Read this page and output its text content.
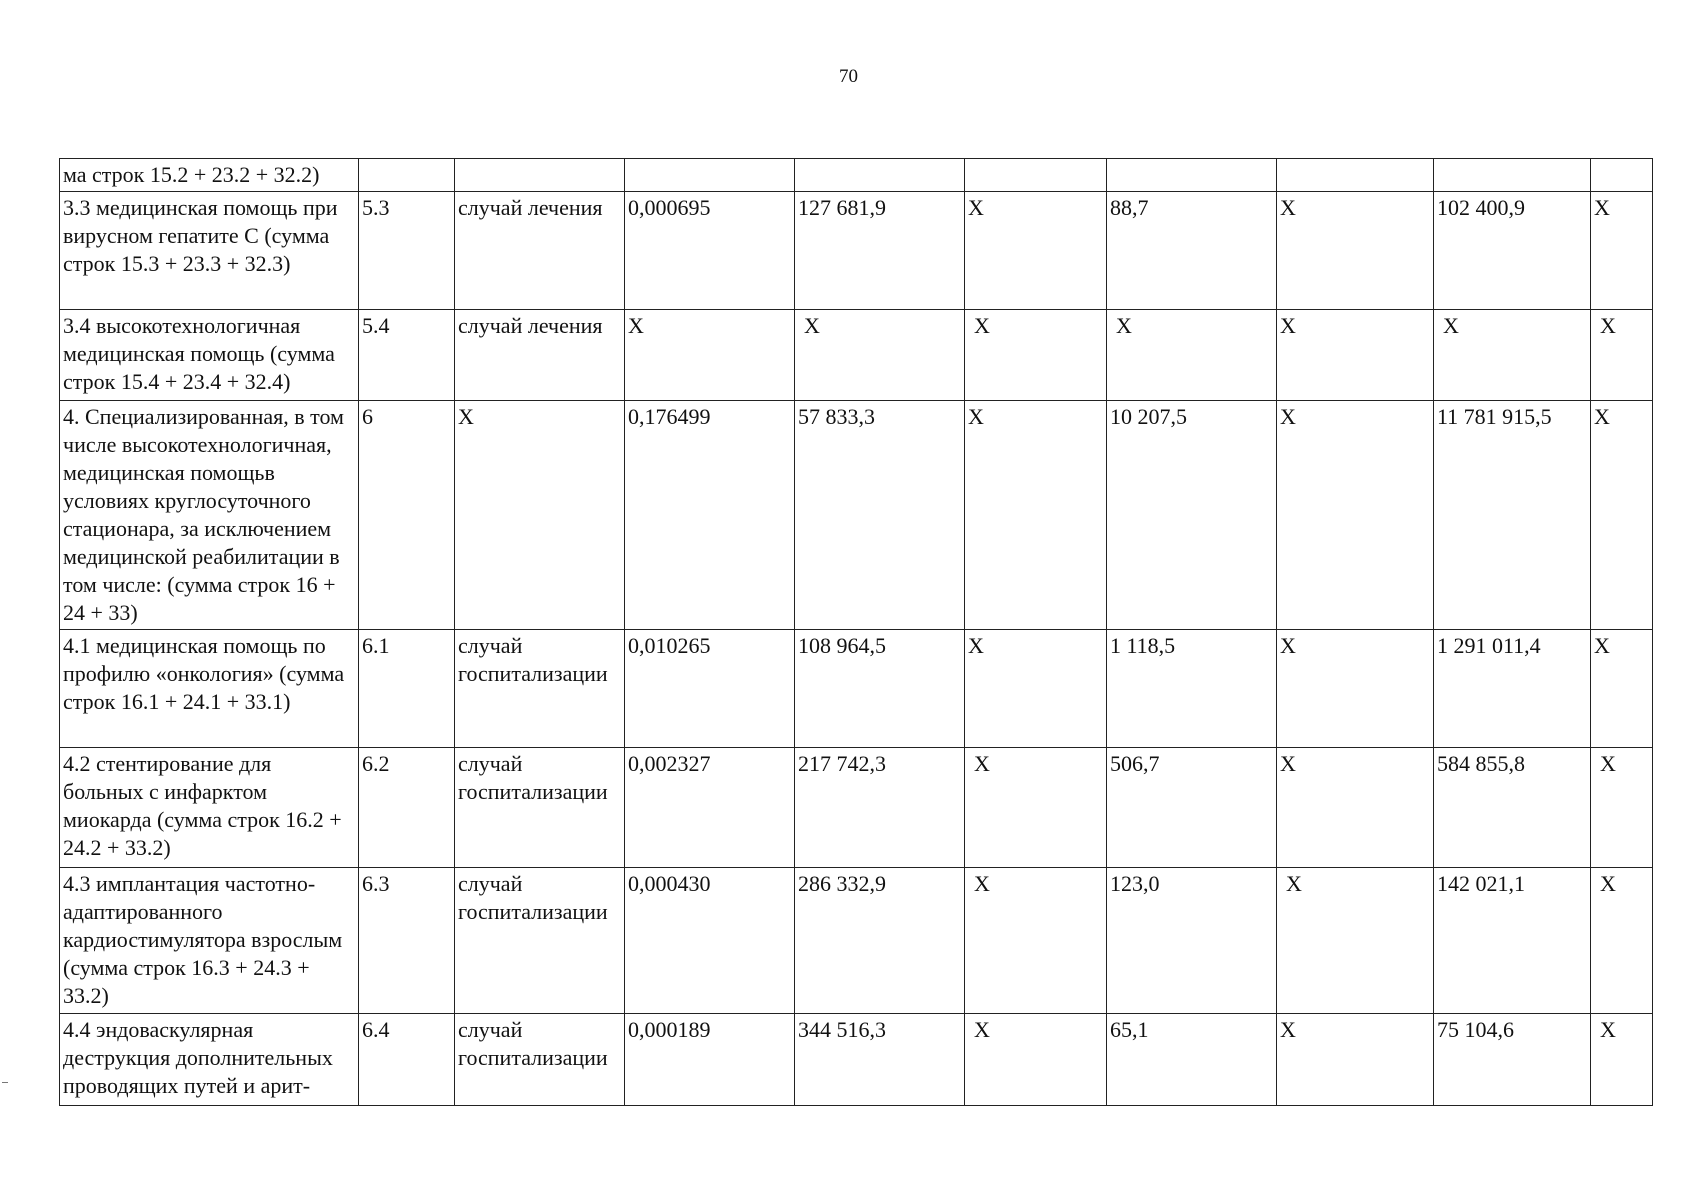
70
ма строк 15.2 + 23.2 + 32.2)									
3.3 медицинская помощь при вирусном гепатите С (сумма строк 15.3 + 23.3 + 32.3)	5.3	случай лечения	0,000695	127 681,9	X	88,7	X	102 400,9	X
3.4 высокотехнологичная медицинская помощь (сумма строк 15.4 + 23.4 + 32.4)	5.4	случай лечения	X	X	X	X	X	X	X
4. Специализированная, в том числе высокотехнологичная, медицинская помощьв условиях круглосуточного стационара, за исключением медицинской реабилитации в том числе: (сумма строк 16 + 24 + 33)	6	X	0,176499	57 833,3	X	10 207,5	X	11 781 915,5	X
4.1 медицинская помощь по профилю «онкология» (сумма строк 16.1 + 24.1 + 33.1)	6.1	случай госпитализации	0,010265	108 964,5	X	1 118,5	X	1 291 011,4	X
4.2 стентирование для больных с инфарктом миокарда (сумма строк 16.2 + 24.2 + 33.2)	6.2	случай госпитализации	0,002327	217 742,3	X	506,7	X	584 855,8	X
4.3 имплантация частотно-адаптированного кардиостимулятора взрослым (сумма строк 16.3 + 24.3 + 33.2)	6.3	случай госпитализации	0,000430	286 332,9	X	123,0	X	142 021,1	X
4.4 эндоваскулярная деструкция дополнительных проводящих путей и арит-	6.4	случай госпитализации	0,000189	344 516,3	X	65,1	X	75 104,6	X
